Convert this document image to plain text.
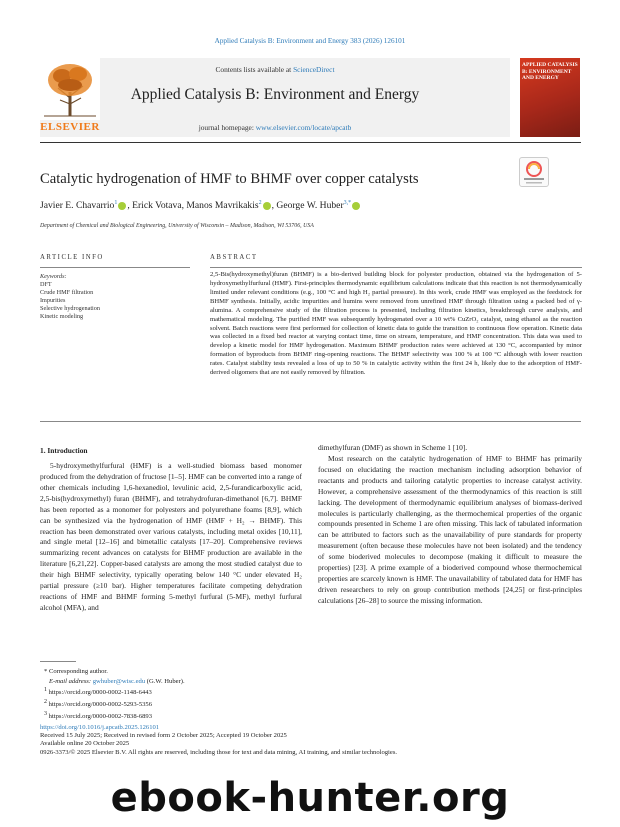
Applied Catalysis B: Environment and Energy 383 (2026) 126101
ELSEVIER
Contents lists available at ScienceDirect
Applied Catalysis B: Environment and Energy
journal homepage: www.elsevier.com/locate/apcatb
APPLIED CATALYSIS B: ENVIRONMENT AND ENERGY
Catalytic hydrogenation of HMF to BHMF over copper catalysts
Javier E. Chavarrio$^1$ , Erick Votava, Manos Mavrikakis$^2$ , George W. Huber$^{3,*}$
Department of Chemical and Biological Engineering, University of Wisconsin – Madison, Madison, WI 53706, USA
ARTICLE INFO	ABSTRACT
Keywords:
DFT
Crude HMF filtration
Impurities
Selective hydrogenation
Kinetic modeling
2,5-Bis(hydroxymethyl)furan (BHMF) is a bio-derived building block for polyester production, obtained via the hydrogenation of 5-hydroxymethylfurfural (HMF). First-principles thermodynamic equilibrium calculations indicate that this reaction is not thermodynamically limited under relevant conditions (e.g., 100 °C and high H₂ partial pressure). In this work, crude HMF was employed as the feedstock for BHMF synthesis. Initially, acidic impurities and humins were removed from unrefined HMF through filtration using a packed bed of γ-alumina. A comprehensive study of the filtration process is presented, including filtration kinetics, breakthrough curve analysis, and mathematical modeling. The purified HMF was subsequently hydrogenated over a 10 wt% CuZrO₂ catalyst, using ethanol as the reaction solvent. Batch reactions were first performed for collection of kinetic data to guide the transition to continuous flow operation. Kinetic data was collected in a fixed bed reactor at varying contact time, time on stream, temperature, and HMF concentration. This data was used to develop a kinetic model for HMF hydrogenation. Maximum BHMF production rates were achieved at 130 °C, accompanied by minor formation of byproducts from BHMF ring-opening reactions. The BHMF selectivity was 100 % at 100 °C although with lower reaction rates. Catalyst stability tests revealed a loss of up to 50 % in catalytic activity within the first 24 h, likely due to the adsorption of HMF-derived oligomers that are not easily removed by filtration.
1. Introduction

5-hydroxymethylfurfural (HMF) is a well-studied biomass based monomer produced from the dehydration of fructose [1–5]. HMF can be converted into a range of other chemicals including 1,6-hexanediol, levulinic acid, 2,5-furandicarboxylic acid, 2,5-bis(hydroxymethyl) furan (BHMF), and tetrahydrofuran-dimethanol [6,7]. BHMF has been reported as a monomer for polyesters and polyurethane foams [8,9], which can be synthesized via the hydrogenation of HMF (HMF + H₂ → BHMF). This reaction has been demonstrated over various catalysts, including metal oxides [10,11], and single metal [12–16] and bimetallic catalysts [17–20]. Comprehensive reviews summarizing recent advances on catalysts for BHMF production are available in the literature [6,21,22]. Copper-based catalysts are among the most studied catalyst due to their high BHMF selectivity, typically operating below 140 °C under elevated H₂ partial pressure (≥10 bar). Higher temperatures facilitate competing dehydration reactions of HMF and BHMF forming 5-methyl furfural (5-MF), methyl furfural alcohol (MFA), and

dimethylfuran (DMF) as shown in Scheme 1 [10].

Most research on the catalytic hydrogenation of HMF to BHMF has primarily focused on elucidating the reaction mechanism including adsorption behavior of reactants and products and tailoring catalytic properties to increase catalyst activity. However, a comprehensive assessment of the thermodynamics of this reaction is still lacking. The development of thermodynamic equilibrium analyses of biomass-derived molecules is particularly challenging, as the thermochemical properties of the organic compounds presented in Scheme 1 are often missing. This lack of tabulated information can be attributed to factors such as the unavailability of pure standards for property measurement (often because these molecules have not been isolated) and the tendency of some bioderived molecules to decompose (making it difficult to measure the properties) [23]. A prime example of a bioderived compound whose thermochemical properties are scarcely known is HMF. The unavailability of tabulated data for HMF has driven researchers to rely on group contribution methods [24,25] or first-principles calculations [26–28] to source the missing information.

* Corresponding author.
E-mail address: gwhuber@wisc.edu (G.W. Huber).
1 https://orcid.org/0000-0002-1148-6443
2 https://orcid.org/0000-0002-5293-5356
3 https://orcid.org/0000-0002-7838-6893
https://doi.org/10.1016/j.apcatb.2025.126101
Received 15 July 2025; Received in revised form 2 October 2025; Accepted 19 October 2025
Available online 20 October 2025
0926-3373/© 2025 Elsevier B.V. All rights are reserved, including those for text and data mining, AI training, and similar technologies.
ebook-hunter.org
